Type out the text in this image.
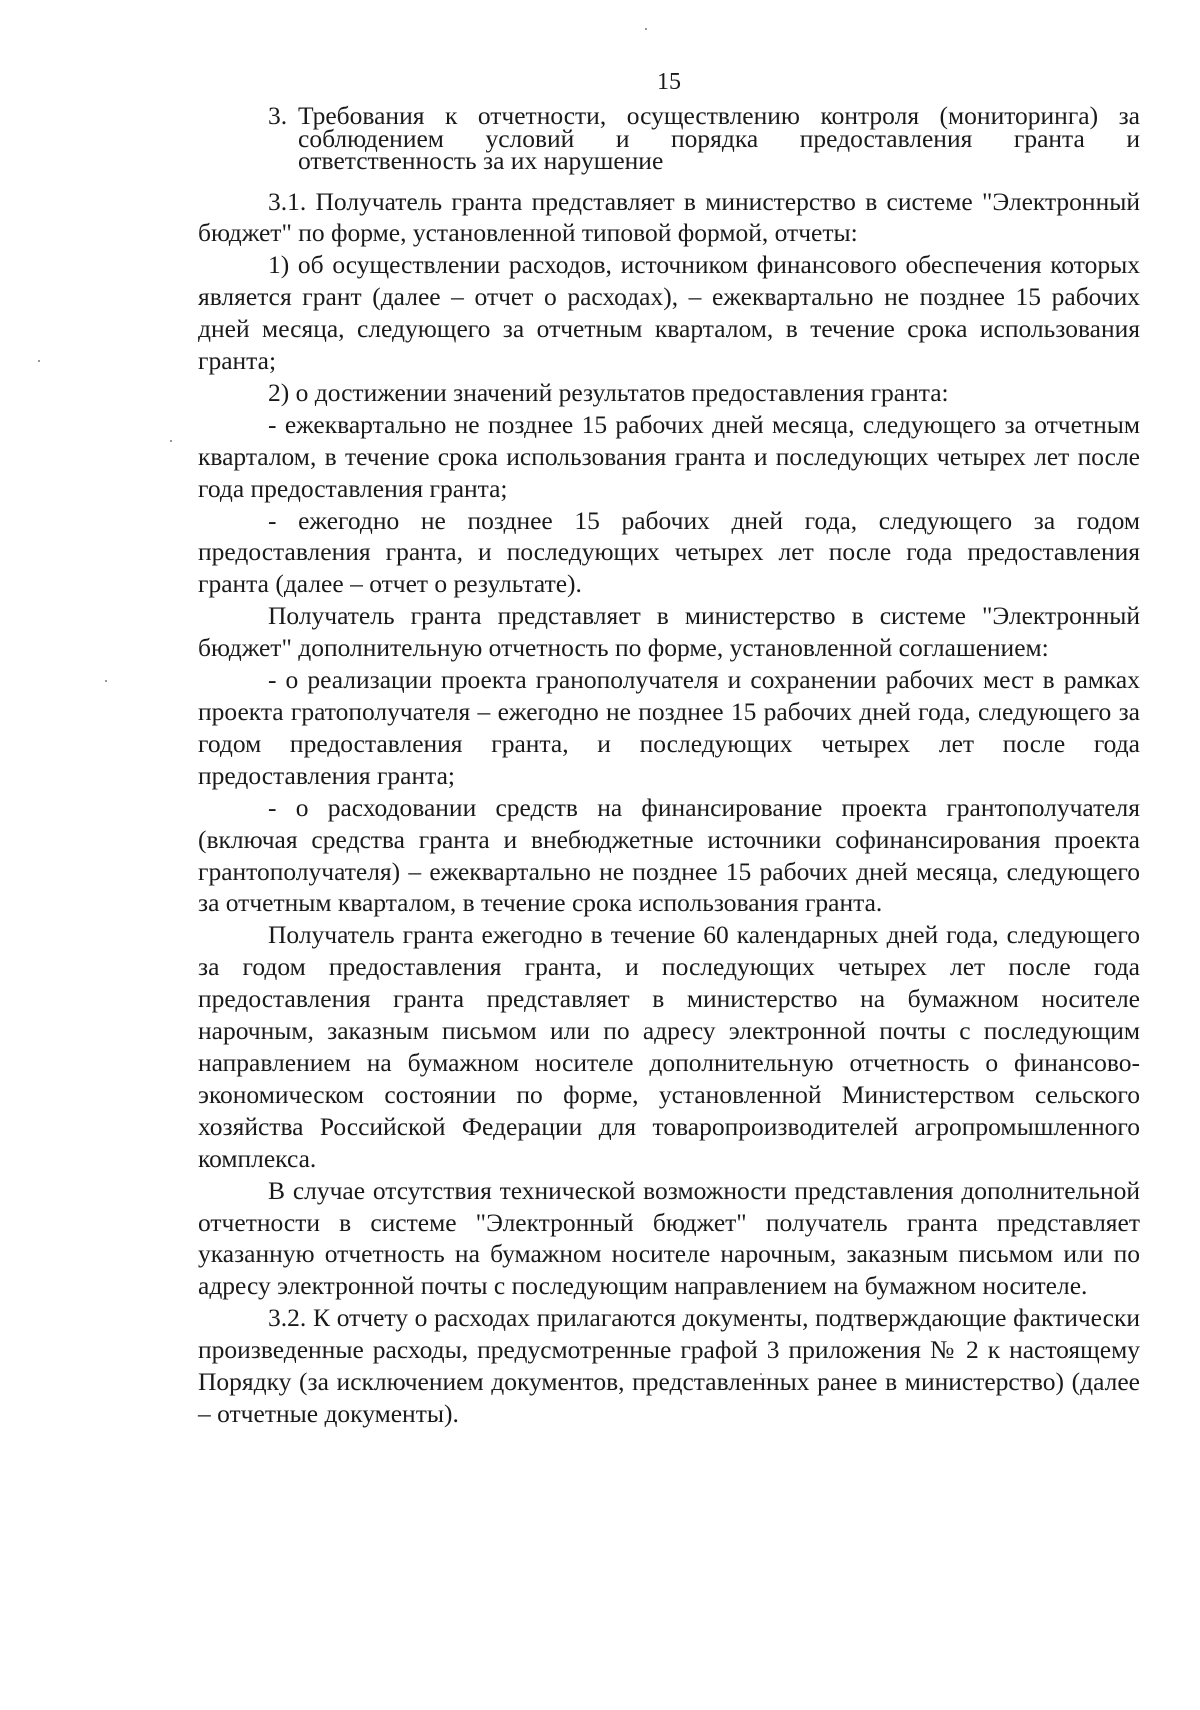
15
3. Требования к отчетности, осуществлению контроля (мониторинга) за
соблюдением условий и порядка предоставления гранта и
ответственность за их нарушение

3.1. Получатель гранта представляет в министерство в системе "Электронный бюджет" по форме, установленной типовой формой, отчеты:

1) об осуществлении расходов, источником финансового обеспечения которых является грант (далее – отчет о расходах), – ежеквартально не позднее 15 рабочих дней месяца, следующего за отчетным кварталом, в течение срока использования гранта;

2) о достижении значений результатов предоставления гранта:

- ежеквартально не позднее 15 рабочих дней месяца, следующего за отчетным кварталом, в течение срока использования гранта и последующих четырех лет после года предоставления гранта;

- ежегодно не позднее 15 рабочих дней года, следующего за годом предоставления гранта, и последующих четырех лет после года предоставления гранта (далее – отчет о результате).

Получатель гранта представляет в министерство в системе "Электронный бюджет" дополнительную отчетность по форме, установленной соглашением:

- о реализации проекта гранополучателя и сохранении рабочих мест в рамках проекта гратополучателя – ежегодно не позднее 15 рабочих дней года, следующего за годом предоставления гранта, и последующих четырех лет после года предоставления гранта;

- о расходовании средств на финансирование проекта грантополучателя (включая средства гранта и внебюджетные источники софинансирования проекта грантополучателя) – ежеквартально не позднее 15 рабочих дней месяца, следующего за отчетным кварталом, в течение срока использования гранта.

Получатель гранта ежегодно в течение 60 календарных дней года, следующего за годом предоставления гранта, и последующих четырех лет после года предоставления гранта представляет в министерство на бумажном носителе нарочным, заказным письмом или по адресу электронной почты с последующим направлением на бумажном носителе дополнительную отчетность о финансово-экономическом состоянии по форме, установленной Министерством сельского хозяйства Российской Федерации для товаропроизводителей агропромышленного комплекса.

В случае отсутствия технической возможности представления дополнительной отчетности в системе "Электронный бюджет" получатель гранта представляет указанную отчетность на бумажном носителе нарочным, заказным письмом или по адресу электронной почты с последующим направлением на бумажном носителе.

3.2. К отчету о расходах прилагаются документы, подтверждающие фактически произведенные расходы, предусмотренные графой 3 приложения № 2 к настоящему Порядку (за исключением документов, представленных ранее в министерство) (далее – отчетные документы).
